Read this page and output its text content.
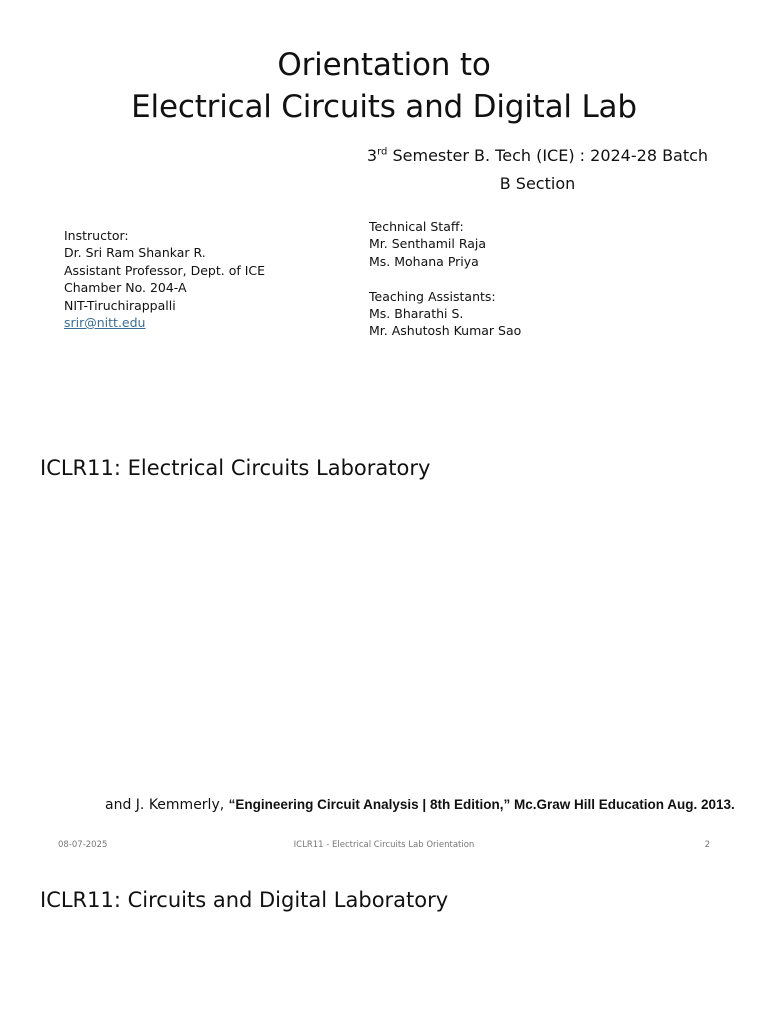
Orientation to
Electrical Circuits and Digital Lab
3rd Semester B. Tech (ICE) : 2024-28 Batch
B Section
Instructor:
Dr. Sri Ram Shankar R.
Assistant Professor, Dept. of ICE
Chamber No. 204-A
NIT-Tiruchirappalli
srir@nitt.edu
Technical Staff:
Mr. Senthamil Raja
Ms. Mohana Priya
Teaching Assistants:
Ms. Bharathi S.
Mr. Ashutosh Kumar Sao
ICLR11: Electrical Circuits Laboratory
and J. Kemmerly, “Engineering Circuit Analysis | 8th Edition,” Mc.Graw Hill Education Aug. 2013.
08-07-2025	ICLR11 - Electrical Circuits Lab Orientation	2
ICLR11: Circuits and Digital Laboratory
